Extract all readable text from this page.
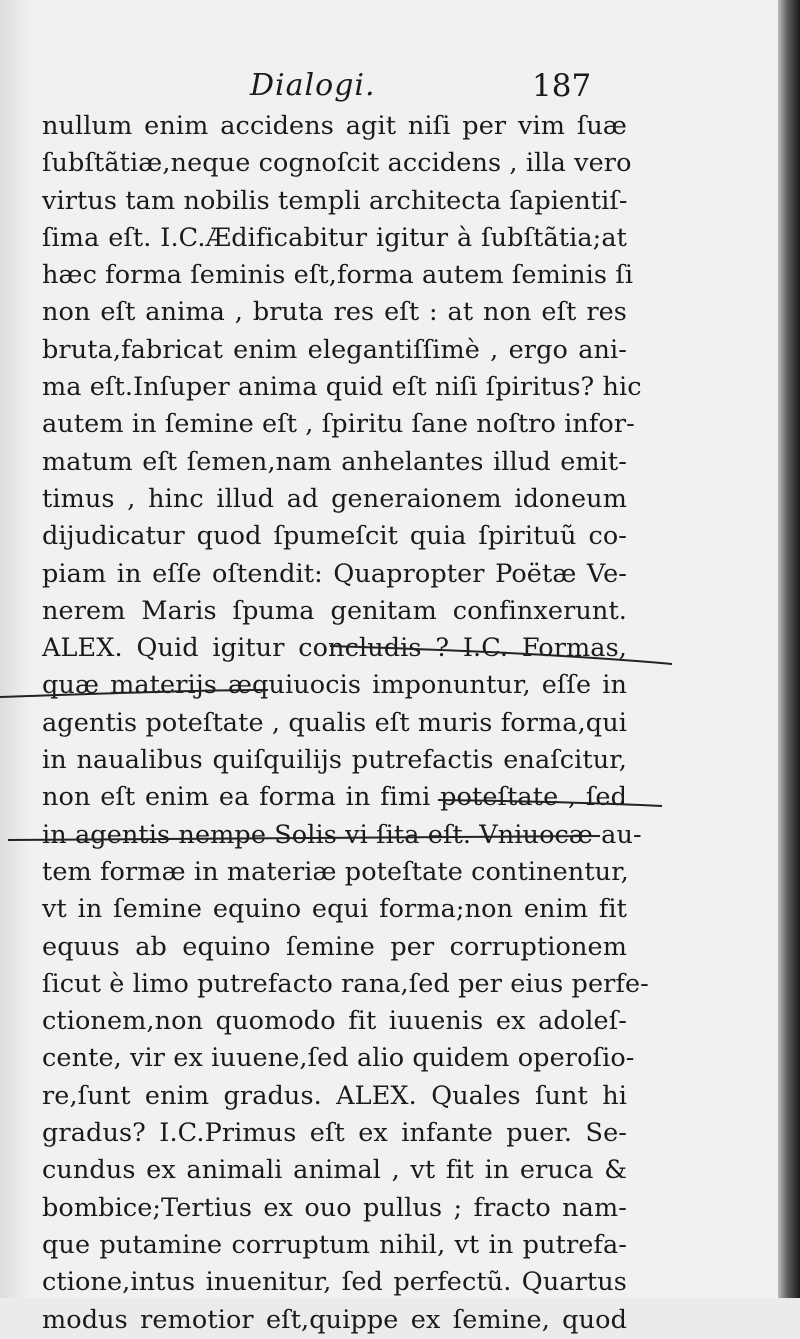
Dialogi.	187
nullum enim accidens agit niſi per vim ſuæ
ſubſtãtiæ,neque cognoſcit accidens , illa vero
virtus tam nobilis templi architecta ſapientiſ-
ſima eſt. I.C.Ædificabitur igitur à ſubſtãtia;at
hæc forma ſeminis eſt,forma autem ſeminis ſi
non eſt anima , bruta res eſt : at non eſt res
bruta,fabricat enim elegantiſſimè , ergo ani-
ma eſt.Inſuper anima quid eſt niſi ſpiritus? hic
autem in ſemine eſt , ſpiritu ſane noſtro infor-
matum eſt ſemen,nam anhelantes illud emit-
timus , hinc illud ad generaionem idoneum
dijudicatur quod ſpumeſcit quia ſpirituũ co-
piam in eſſe oſtendit: Quapropter Poëtæ Ve-
nerem Maris ſpuma genitam confinxerunt.
ALEX. Quid igitur concludis ? I.C. Formas,
quæ materijs æquiuocis imponuntur, eſſe in
agentis poteſtate , qualis eſt muris forma,qui
in naualibus quiſquilijs putrefactis enaſcitur,
non eſt enim ea forma in fimi poteſtate , ſed
in agentis nempe Solis vi ſita eſt. Vniuocæ au-
tem formæ in materiæ poteſtate continentur,
vt in ſemine equino equi forma;non enim fit
equus ab equino ſemine per corruptionem
ſicut è limo putrefacto rana,ſed per eius perfe-
ctionem,non quomodo fit iuuenis ex adoleſ-
cente, vir ex iuuene,ſed alio quidem operoſio-
re,ſunt enim gradus. ALEX. Quales ſunt hi
gradus? I.C.Primus eſt ex infante puer. Se-
cundus ex animali animal , vt fit in eruca &
bombice;Tertius ex ouo pullus ; fracto nam-
que putamine corruptum nihil, vt in putrefa-
ctione,intus inuenitur, ſed perfectũ. Quartus
modus remotior eſt,quippe ex ſemine, quod
